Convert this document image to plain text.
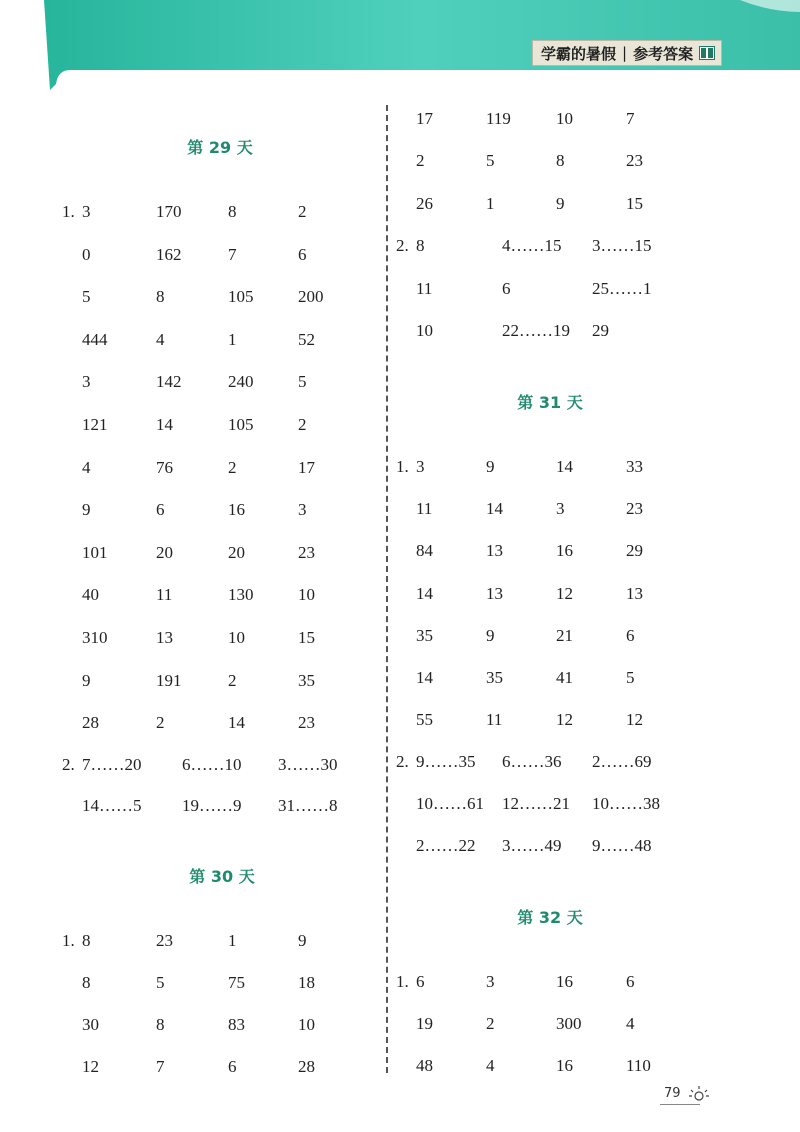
学霸的暑假 | 参考答案
第 29 天
1. 3	170	8	2
0	162	7	6
5	8	105	200
444	4	1	52
3	142	240	5
121	14	105	2
4	76	2	17
9	6	16	3
101	20	20	23
40	11	130	10
310	13	10	15
9	191	2	35
28	2	14	23
2. 7……20 6……10 3……30
14……5 19……9 31……8
第 30 天
1. 8	23	1	9
8	5	75	18
30	8	83	10
12	7	6	28
17	119	10	7
2	5	8	23
26	1	9	15
2. 8	4……15 3……15
11	6	25……1
10	22……19 29
第 31 天
1. 3	9	14	33
11	14	3	23
84	13	16	29
14	13	12	13
35	9	21	6
14	35	41	5
55	11	12	12
2. 9……35 6……36 2……69
10……61 12……21 10……38
2……22 3……49 9……48
第 32 天
1. 6	3	16	6
19	2	300	4
48	4	16	110
79
